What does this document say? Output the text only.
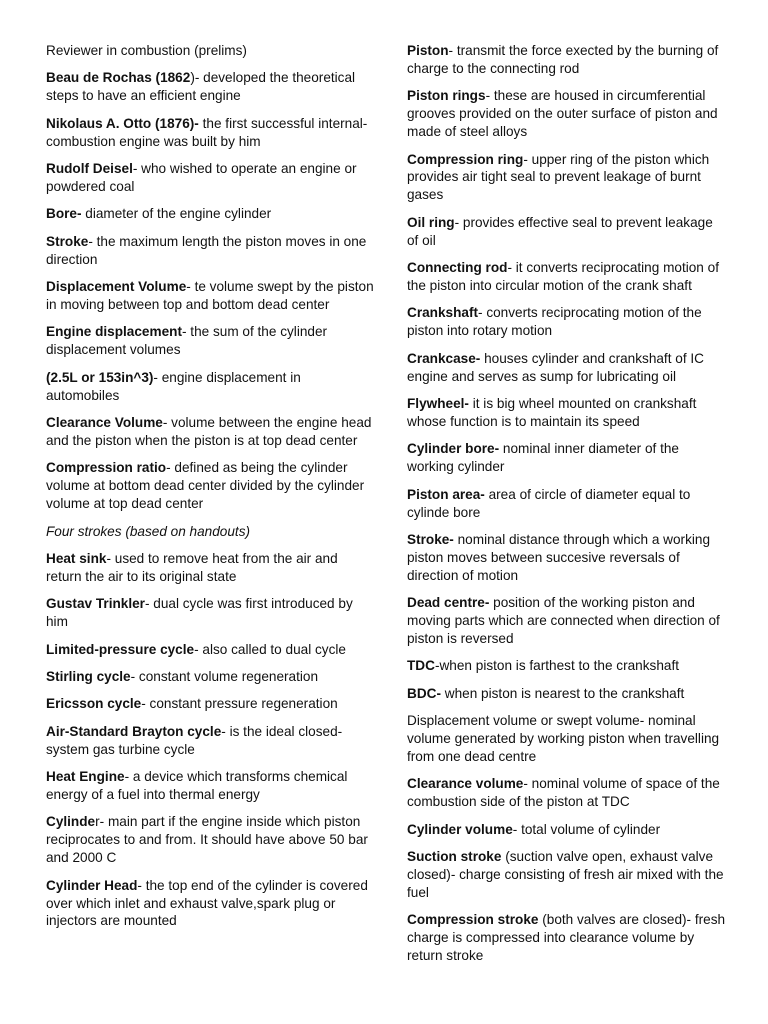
Reviewer in combustion (prelims)

Beau de Rochas (1862)- developed the theoretical steps to have an efficient engine

Nikolaus A. Otto (1876)- the first successful internal-combustion engine was built by him

Rudolf Deisel- who wished to operate an engine or powdered coal

Bore- diameter of the engine cylinder

Stroke- the maximum length the piston moves in one direction

Displacement Volume- te volume swept by the piston in moving between top and bottom dead center

Engine displacement- the sum of the cylinder displacement volumes

(2.5L or 153in^3)- engine displacement in automobiles

Clearance Volume- volume between the engine head and the piston when the piston is at top dead center

Compression ratio- defined as being the cylinder volume at bottom dead center divided by the cylinder volume at top dead center

Four strokes (based on handouts)

Heat sink- used to remove heat from the air and return the air to its original state

Gustav Trinkler- dual cycle was first introduced by him

Limited-pressure cycle- also called to dual cycle

Stirling cycle- constant volume regeneration

Ericsson cycle- constant pressure regeneration

Air-Standard Brayton cycle- is the ideal closed-system gas turbine cycle

Heat Engine- a device which transforms chemical energy of a fuel into thermal energy

Cylinder- main part if the engine inside which piston reciprocates to and from. It should have above 50 bar and 2000 C

Cylinder Head- the top end of the cylinder is covered over which inlet and exhaust valve,spark plug or injectors are mounted

Piston- transmit the force exected by the burning of charge to the connecting rod

Piston rings- these are housed in circumferential grooves provided on the outer surface of piston and made of steel alloys

Compression ring- upper ring of the piston which provides air tight seal to prevent leakage of burnt gases

Oil ring- provides effective seal to prevent leakage of oil

Connecting rod- it converts reciprocating motion of the piston into circular motion of the crank shaft

Crankshaft- converts reciprocating motion of the piston into rotary motion

Crankcase- houses cylinder and crankshaft of IC engine and serves as sump for lubricating oil

Flywheel- it is big wheel mounted on crankshaft whose function is to maintain its speed

Cylinder bore- nominal inner diameter of the working cylinder

Piston area- area of circle of diameter equal to cylinde bore

Stroke- nominal distance through which a working piston moves between succesive reversals of direction of motion

Dead centre- position of the working piston and moving parts which are connected when direction of piston is reversed

TDC-when piston is farthest to the crankshaft

BDC- when piston is nearest to the crankshaft

Displacement volume or swept volume- nominal volume generated by working piston when travelling from one dead centre

Clearance volume- nominal volume of space of the combustion side of the piston at TDC

Cylinder volume- total volume of cylinder

Suction stroke (suction valve open, exhaust valve closed)- charge consisting of fresh air mixed with the fuel

Compression stroke (both valves are closed)- fresh charge is compressed into clearance volume by return stroke
